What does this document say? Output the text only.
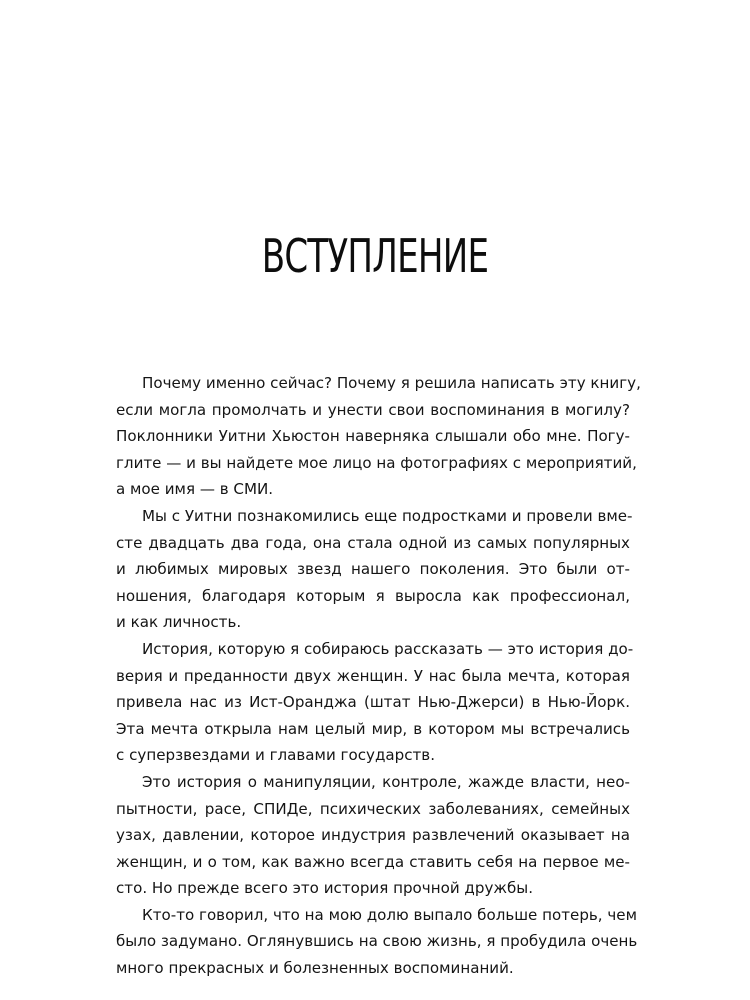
ВСТУПЛЕНИЕ

Почему именно сейчас? Почему я решила написать эту книгу,
если могла промолчать и унести свои воспоминания в могилу?
Поклонники Уитни Хьюстон наверняка слышали обо мне. Погу-
глите — и вы найдете мое лицо на фотографиях с мероприятий,
а мое имя — в СМИ.

Мы с Уитни познакомились еще подростками и провели вме-
сте двадцать два года, она стала одной из самых популярных
и любимых мировых звезд нашего поколения. Это были от-
ношения, благодаря которым я выросла как профессионал,
и как личность.

История, которую я собираюсь рассказать — это история до-
верия и преданности двух женщин. У нас была мечта, которая
привела нас из Ист-Оранджа (штат Нью-Джерси) в Нью-Йорк.
Эта мечта открыла нам целый мир, в котором мы встречались
с суперзвездами и главами государств.

Это история о манипуляции, контроле, жажде власти, нео-
пытности, расе, СПИДе, психических заболеваниях, семейных
узах, давлении, которое индустрия развлечений оказывает на
женщин, и о том, как важно всегда ставить себя на первое ме-
сто. Но прежде всего это история прочной дружбы.

Кто-то говорил, что на мою долю выпало больше потерь, чем
было задумано. Оглянувшись на свою жизнь, я пробудила очень
много прекрасных и болезненных воспоминаний.
